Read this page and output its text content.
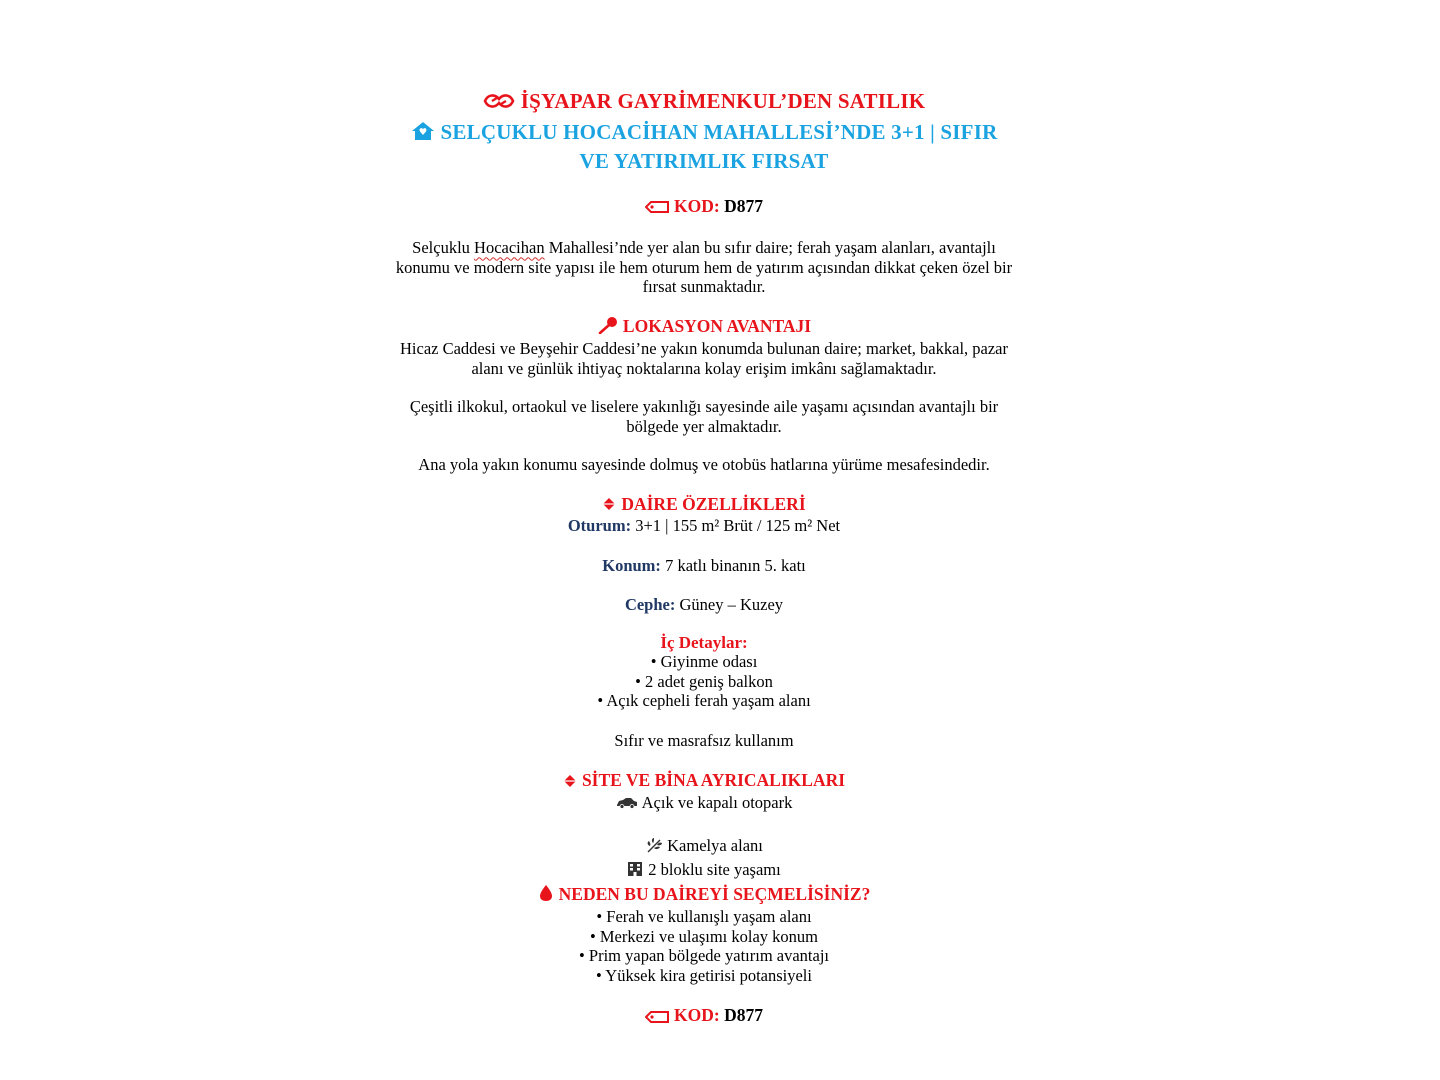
İŞYAPAR GAYRİMENKUL’DEN SATILIK
SELÇUKLU HOCACİHAN MAHALLESİ’NDE 3+1 | SIFIR
VE YATIRIMLIK FIRSAT
KOD: D877
Selçuklu Hocacihan Mahallesi’nde yer alan bu sıfır daire; ferah yaşam alanları, avantajlı
konumu ve modern site yapısı ile hem oturum hem de yatırım açısından dikkat çeken özel bir
fırsat sunmaktadır.
LOKASYON AVANTAJI
Hicaz Caddesi ve Beyşehir Caddesi’ne yakın konumda bulunan daire; market, bakkal, pazar
alanı ve günlük ihtiyaç noktalarına kolay erişim imkânı sağlamaktadır.
Çeşitli ilkokul, ortaokul ve liselere yakınlığı sayesinde aile yaşamı açısından avantajlı bir
bölgede yer almaktadır.
Ana yola yakın konumu sayesinde dolmuş ve otobüs hatlarına yürüme mesafesindedir.
DAİRE ÖZELLİKLERİ
Oturum: 3+1 | 155 m² Brüt / 125 m² Net
Konum: 7 katlı binanın 5. katı
Cephe: Güney – Kuzey
İç Detaylar:
• Giyinme odası
• 2 adet geniş balkon
• Açık cepheli ferah yaşam alanı
Sıfır ve masrafsız kullanım
SİTE VE BİNA AYRICALIKLARI
Açık ve kapalı otopark
Kamelya alanı
2 bloklu site yaşamı
NEDEN BU DAİREYİ SEÇMELİSİNİZ?
• Ferah ve kullanışlı yaşam alanı
• Merkezi ve ulaşımı kolay konum
• Prim yapan bölgede yatırım avantajı
• Yüksek kira getirisi potansiyeli
KOD: D877
